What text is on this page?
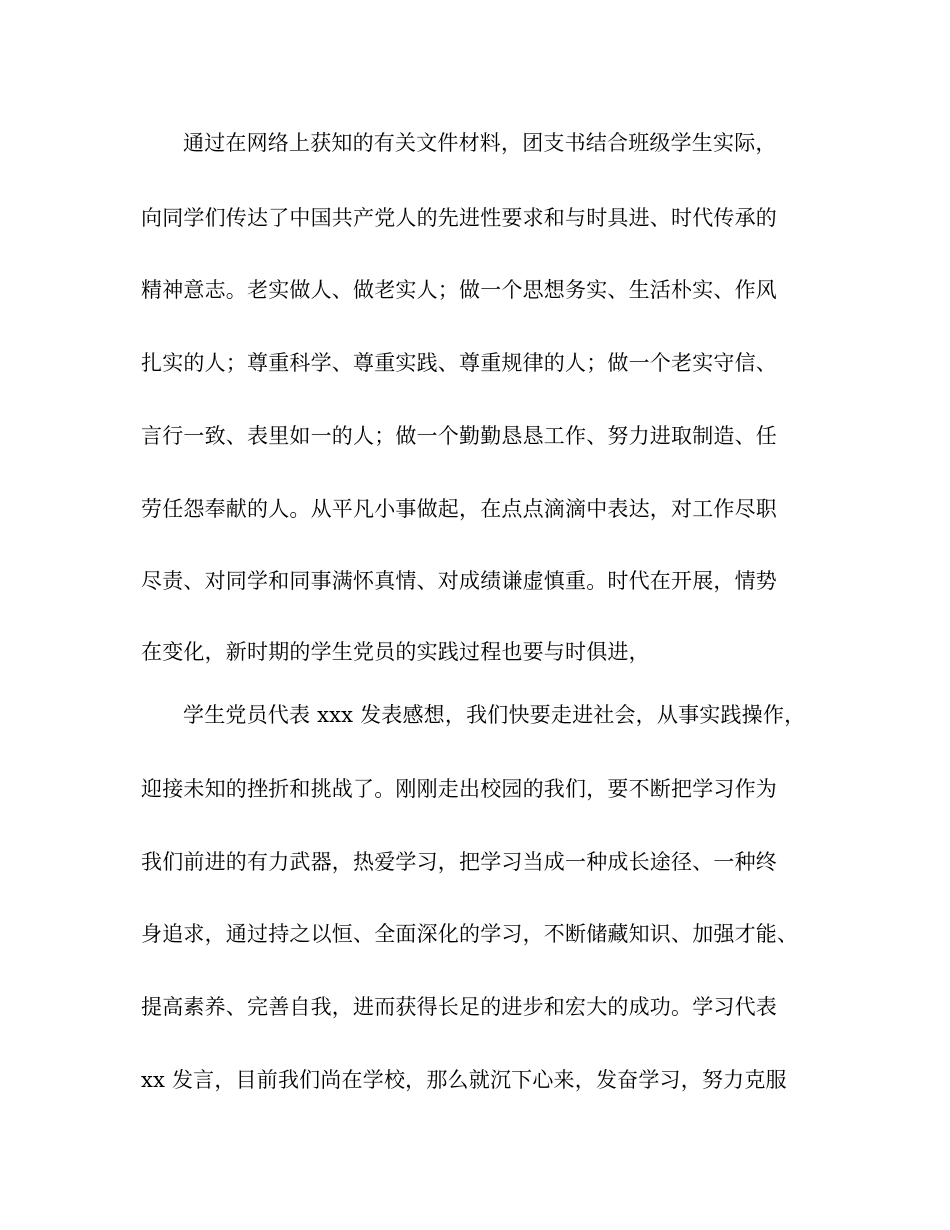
通过在网络上获知的有关文件材料，团支书结合班级学生实际，
向同学们传达了中国共产党人的先进性要求和与时具进、时代传承的
精神意志。老实做人、做老实人；做一个思想务实、生活朴实、作风
扎实的人；尊重科学、尊重实践、尊重规律的人；做一个老实守信、
言行一致、表里如一的人；做一个勤勤恳恳工作、努力进取制造、任
劳任怨奉献的人。从平凡小事做起，在点点滴滴中表达，对工作尽职
尽责、对同学和同事满怀真情、对成绩谦虚慎重。时代在开展，情势
在变化，新时期的学生党员的实践过程也要与时俱进，
学生党员代表 xxx 发表感想，我们快要走进社会，从事实践操作，
迎接未知的挫折和挑战了。刚刚走出校园的我们，要不断把学习作为
我们前进的有力武器，热爱学习，把学习当成一种成长途径、一种终
身追求，通过持之以恒、全面深化的学习，不断储藏知识、加强才能、
提高素养、完善自我，进而获得长足的进步和宏大的成功。学习代表
xx 发言，目前我们尚在学校，那么就沉下心来，发奋学习，努力克服
